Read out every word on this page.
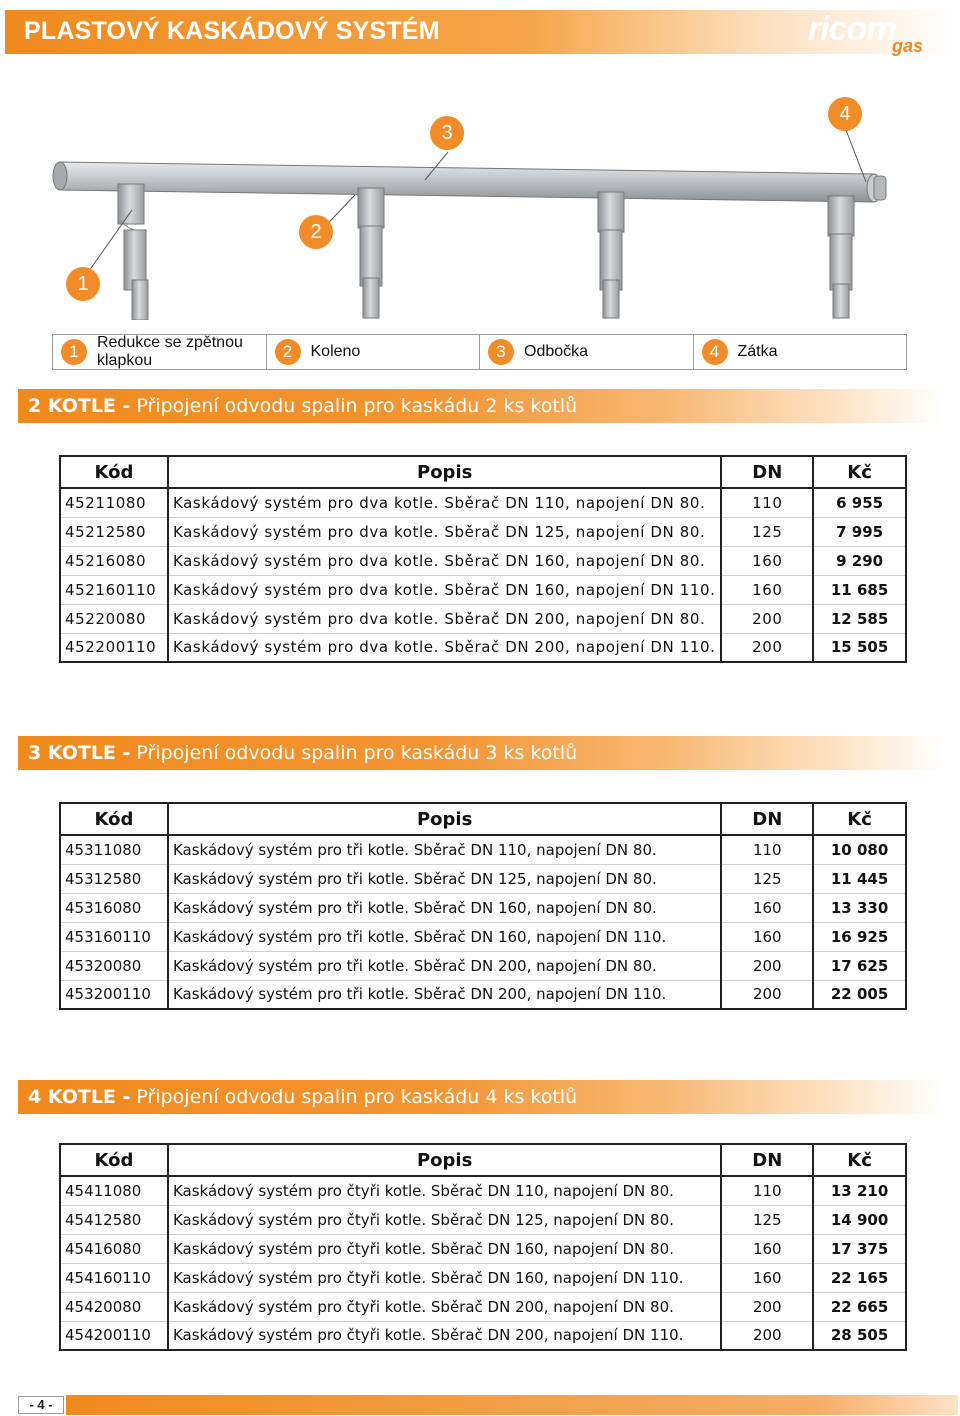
PLASTOVÝ KASKÁDOVÝ SYSTÉM	ricom
gas
1
2
3
4
1	Redukce se zpětnou klapkou	2	Koleno	3	Odbočka	4	Zátka
2 KOTLE - Připojení odvodu spalin pro kaskádu 2 ks kotlů
Kód	Popis	DN	Kč
45211080	Kaskádový systém pro dva kotle. Sběrač DN 110, napojení DN 80.	110	6 955
45212580	Kaskádový systém pro dva kotle. Sběrač DN 125, napojení DN 80.	125	7 995
45216080	Kaskádový systém pro dva kotle. Sběrač DN 160, napojení DN 80.	160	9 290
452160110	Kaskádový systém pro dva kotle. Sběrač DN 160, napojení DN 110.	160	11 685
45220080	Kaskádový systém pro dva kotle. Sběrač DN 200, napojení DN 80.	200	12 585
452200110	Kaskádový systém pro dva kotle. Sběrač DN 200, napojení DN 110.	200	15 505
3 KOTLE - Připojení odvodu spalin pro kaskádu 3 ks kotlů
Kód	Popis	DN	Kč
45311080	Kaskádový systém pro tři kotle. Sběrač DN 110, napojení DN 80.	110	10 080
45312580	Kaskádový systém pro tři kotle. Sběrač DN 125, napojení DN 80.	125	11 445
45316080	Kaskádový systém pro tři kotle. Sběrač DN 160, napojení DN 80.	160	13 330
453160110	Kaskádový systém pro tři kotle. Sběrač DN 160, napojení DN 110.	160	16 925
45320080	Kaskádový systém pro tři kotle. Sběrač DN 200, napojení DN 80.	200	17 625
453200110	Kaskádový systém pro tři kotle. Sběrač DN 200, napojení DN 110.	200	22 005
4 KOTLE - Připojení odvodu spalin pro kaskádu 4 ks kotlů
Kód	Popis	DN	Kč
45411080	Kaskádový systém pro čtyři kotle. Sběrač DN 110, napojení DN 80.	110	13 210
45412580	Kaskádový systém pro čtyři kotle. Sběrač DN 125, napojení DN 80.	125	14 900
45416080	Kaskádový systém pro čtyři kotle. Sběrač DN 160, napojení DN 80.	160	17 375
454160110	Kaskádový systém pro čtyři kotle. Sběrač DN 160, napojení DN 110.	160	22 165
45420080	Kaskádový systém pro čtyři kotle. Sběrač DN 200, napojení DN 80.	200	22 665
454200110	Kaskádový systém pro čtyři kotle. Sběrač DN 200, napojení DN 110.	200	28 505
- 4 -
